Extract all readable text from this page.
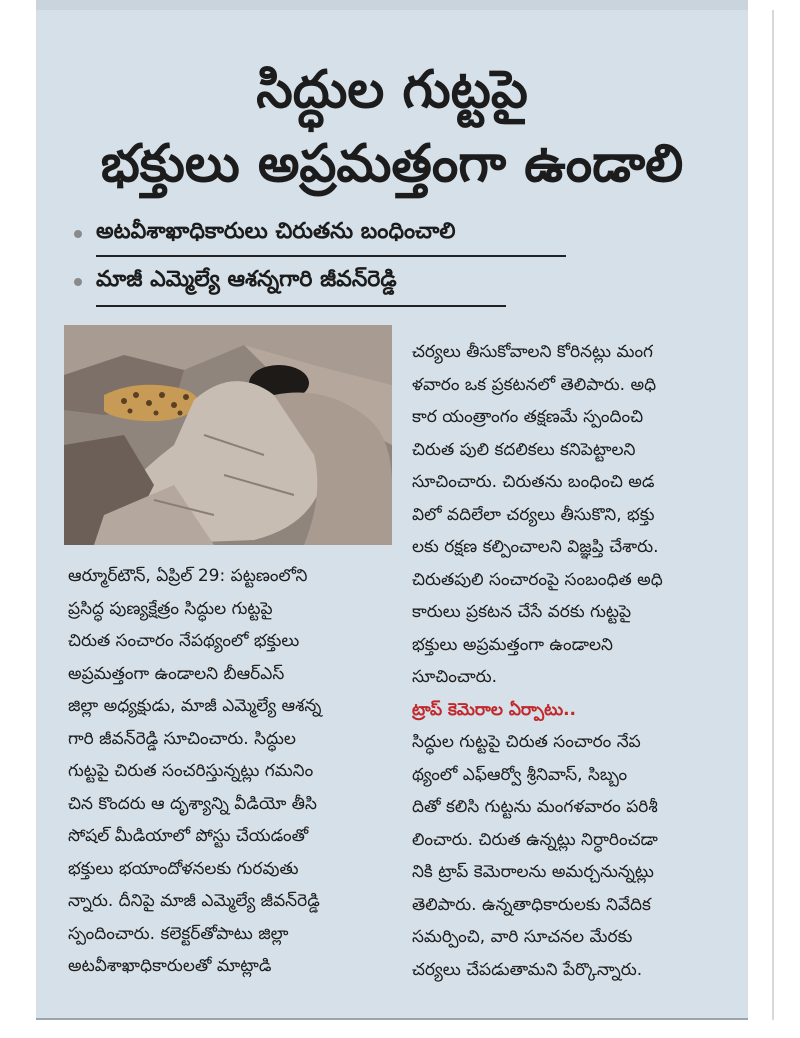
సిద్ధుల గుట్టపై
భక్తులు అప్రమత్తంగా ఉండాలి
అటవీశాఖాధికారులు చిరుతను బంధించాలి
మాజీ ఎమ్మెల్యే ఆశన్నగారి జీవన్‌రెడ్డి
ఆర్మూర్‌టౌన్, ఏప్రిల్ 29: పట్టణంలోని
ప్రసిద్ధ పుణ్యక్షేత్రం సిద్ధుల గుట్టపై
చిరుత సంచారం నేపథ్యంలో భక్తులు
అప్రమత్తంగా ఉండాలని బీఆర్ఎస్
జిల్లా అధ్యక్షుడు, మాజీ ఎమ్మెల్యే ఆశన్న
గారి జీవన్‌రెడ్డి సూచించారు. సిద్ధుల
గుట్టపై చిరుత సంచరిస్తున్నట్లు గమనిం
చిన కొందరు ఆ దృశ్యాన్ని వీడియో తీసి
సోషల్ మీడియాలో పోస్టు చేయడంతో
భక్తులు భయాందోళనలకు గురవుతు
న్నారు. దీనిపై మాజీ ఎమ్మెల్యే జీవన్‌రెడ్డి
స్పందించారు. కలెక్టర్‌తోపాటు జిల్లా
అటవీశాఖాధికారులతో మాట్లాడి
చర్యలు తీసుకోవాలని కోరినట్లు మంగ
ళవారం ఒక ప్రకటనలో తెలిపారు. అధి
కార యంత్రాంగం తక్షణమే స్పందించి
చిరుత పులి కదలికలు కనిపెట్టాలని
సూచించారు. చిరుతను బంధించి అడ
విలో వదిలేలా చర్యలు తీసుకొని, భక్తు
లకు రక్షణ కల్పించాలని విజ్ఞప్తి చేశారు.
చిరుతపులి సంచారంపై సంబంధిత అధి
కారులు ప్రకటన చేసే వరకు గుట్టపై
భక్తులు అప్రమత్తంగా ఉండాలని
సూచించారు.
ట్రాప్ కెమెరాల ఏర్పాటు..
సిద్ధుల గుట్టపై చిరుత సంచారం నేప
థ్యంలో ఎఫ్ఆర్వో శ్రీనివాస్, సిబ్బం
దితో కలిసి గుట్టను మంగళవారం పరిశీ
లించారు. చిరుత ఉన్నట్లు నిర్ధారించడా
నికి ట్రాప్ కెమెరాలను అమర్చనున్నట్లు
తెలిపారు. ఉన్నతాధికారులకు నివేదిక
సమర్పించి, వారి సూచనల మేరకు
చర్యలు చేపడుతామని పేర్కొన్నారు.
